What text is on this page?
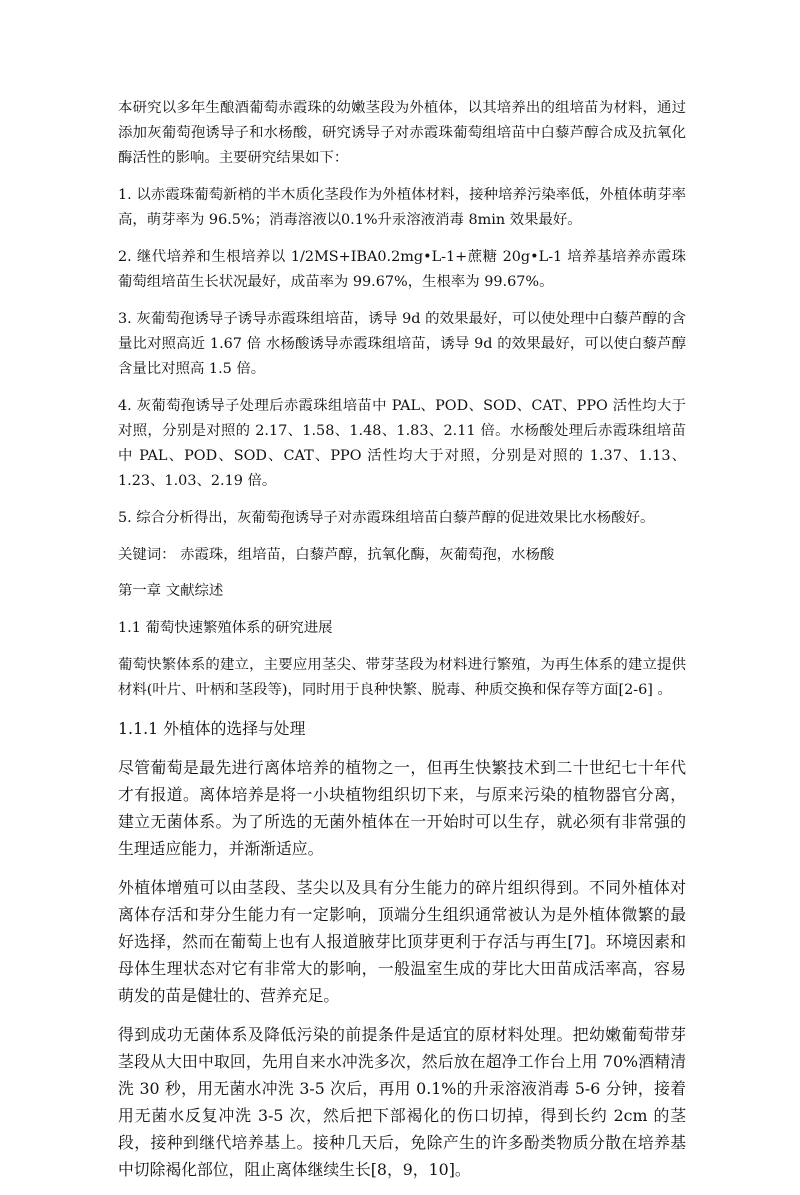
本研究以多年生酿酒葡萄赤霞珠的幼嫩茎段为外植体，以其培养出的组培苗为材料，通过添加灰葡萄孢诱导子和水杨酸，研究诱导子对赤霞珠葡萄组培苗中白藜芦醇合成及抗氧化酶活性的影响。主要研究结果如下：

1. 以赤霞珠葡萄新梢的半木质化茎段作为外植体材料，接种培养污染率低，外植体萌芽率高，萌芽率为 96.5%；消毒溶液以0.1%升汞溶液消毒 8min 效果最好。

2. 继代培养和生根培养以 1/2MS+IBA0.2mg•L-1+蔗糖 20g•L-1 培养基培养赤霞珠葡萄组培苗生长状况最好，成苗率为 99.67%，生根率为 99.67%。

3. 灰葡萄孢诱导子诱导赤霞珠组培苗，诱导 9d 的效果最好，可以使处理中白藜芦醇的含量比对照高近 1.67 倍 水杨酸诱导赤霞珠组培苗，诱导 9d 的效果最好，可以使白藜芦醇含量比对照高 1.5 倍。

4. 灰葡萄孢诱导子处理后赤霞珠组培苗中 PAL、POD、SOD、CAT、PPO 活性均大于对照，分别是对照的 2.17、1.58、1.48、1.83、2.11 倍。水杨酸处理后赤霞珠组培苗中 PAL、POD、SOD、CAT、PPO 活性均大于对照，分别是对照的 1.37、1.13、1.23、1.03、2.19 倍。

5. 综合分析得出，灰葡萄孢诱导子对赤霞珠组培苗白藜芦醇的促进效果比水杨酸好。

关键词： 赤霞珠，组培苗，白藜芦醇，抗氧化酶，灰葡萄孢，水杨酸

第一章 文献综述
1.1 葡萄快速繁殖体系的研究进展

葡萄快繁体系的建立，主要应用茎尖、带芽茎段为材料进行繁殖，为再生体系的建立提供材料(叶片、叶柄和茎段等)，同时用于良种快繁、脱毒、种质交换和保存等方面[2-6] 。

1.1.1 外植体的选择与处理

尽管葡萄是最先进行离体培养的植物之一，但再生快繁技术到二十世纪七十年代才有报道。离体培养是将一小块植物组织切下来，与原来污染的植物器官分离，建立无菌体系。为了所选的无菌外植体在一开始时可以生存，就必须有非常强的生理适应能力，并渐渐适应。

外植体增殖可以由茎段、茎尖以及具有分生能力的碎片组织得到。不同外植体对离体存活和芽分生能力有一定影响，顶端分生组织通常被认为是外植体微繁的最好选择，然而在葡萄上也有人报道腋芽比顶芽更利于存活与再生[7]。环境因素和母体生理状态对它有非常大的影响，一般温室生成的芽比大田苗成活率高，容易萌发的苗是健壮的、营养充足。

得到成功无菌体系及降低污染的前提条件是适宜的原材料处理。把幼嫩葡萄带芽茎段从大田中取回，先用自来水冲洗多次，然后放在超净工作台上用 70%酒精清洗 30 秒，用无菌水冲洗 3-5 次后，再用 0.1%的升汞溶液消毒 5-6 分钟，接着用无菌水反复冲洗 3-5 次，然后把下部褐化的伤口切掉，得到长约 2cm 的茎段，接种到继代培养基上。接种几天后，免除产生的许多酚类物质分散在培养基中切除褐化部位，阻止离体继续生长[8，9，10]。
